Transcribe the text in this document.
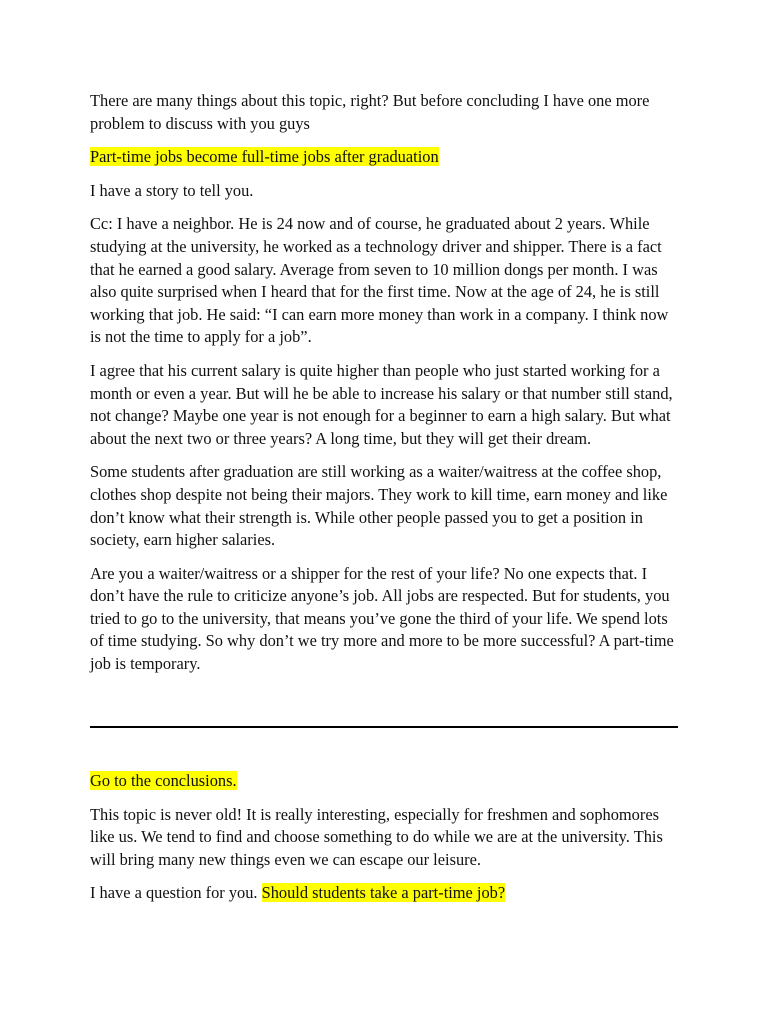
There are many things about this topic, right? But before concluding I have one more problem to discuss with you guys

Part-time jobs become full-time jobs after graduation

I have a story to tell you.

Cc: I have a neighbor. He is 24 now and of course, he graduated about 2 years. While studying at the university, he worked as a technology driver and shipper. There is a fact that he earned a good salary. Average from seven to 10 million dongs per month. I was also quite surprised when I heard that for the first time. Now at the age of 24, he is still working that job. He said: “I can earn more money than work in a company. I think now is not the time to apply for a job”.

I agree that his current salary is quite higher than people who just started working for a month or even a year. But will he be able to increase his salary or that number still stand, not change? Maybe one year is not enough for a beginner to earn a high salary. But what about the next two or three years? A long time, but they will get their dream.

Some students after graduation are still working as a waiter/waitress at the coffee shop, clothes shop despite not being their majors. They work to kill time, earn money and like don’t know what their strength is. While other people passed you to get a position in society, earn higher salaries.

Are you a waiter/waitress or a shipper for the rest of your life? No one expects that. I don’t have the rule to criticize anyone’s job. All jobs are respected. But for students, you tried to go to the university, that means you’ve gone the third of your life. We spend lots of time studying. So why don’t we try more and more to be more successful? A part-time job is temporary.

Go to the conclusions.

This topic is never old! It is really interesting, especially for freshmen and sophomores like us. We tend to find and choose something to do while we are at the university. This will bring many new things even we can escape our leisure.

I have a question for you. Should students take a part-time job?
